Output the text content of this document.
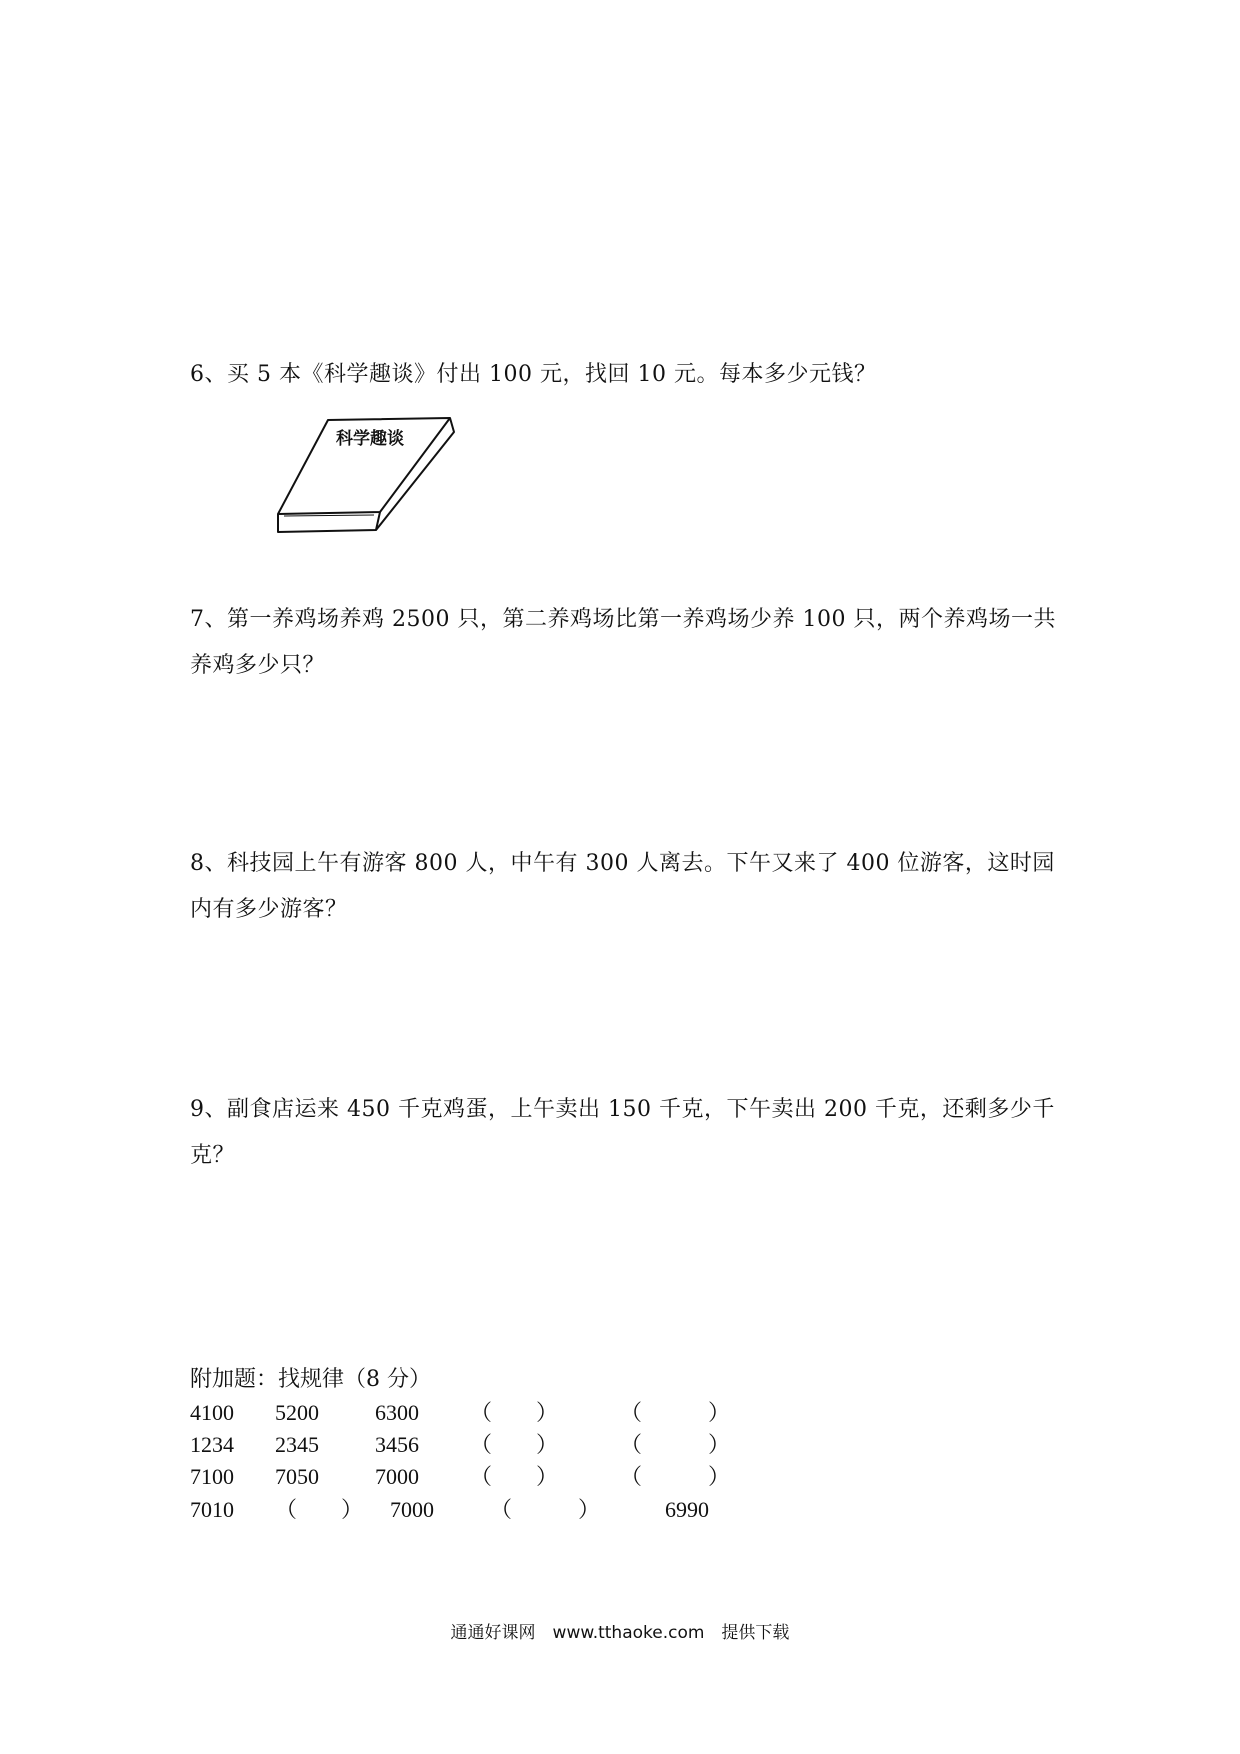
6、买 5 本《科学趣谈》付出 100 元，找回 10 元。每本多少元钱？
科学趣谈
7、第一养鸡场养鸡 2500 只，第二养鸡场比第一养鸡场少养 100 只，两个养鸡场一共养鸡多少只？
8、科技园上午有游客 800 人，中午有 300 人离去。下午又来了 400 位游客，这时园内有多少游客？
9、副食店运来 450 千克鸡蛋，上午卖出 150 千克，下午卖出 200 千克，还剩多少千克？
附加题：找规律（8 分）
4100 5200	6300 （　　）	（　　　）
1234 2345	3456 （　　）	（　　　）
7100 7050	7000 （　　）	（　　　）
7010 （　　） 7000	（　　　）	6990
通通好课网　www.tthaoke.com　提供下载
